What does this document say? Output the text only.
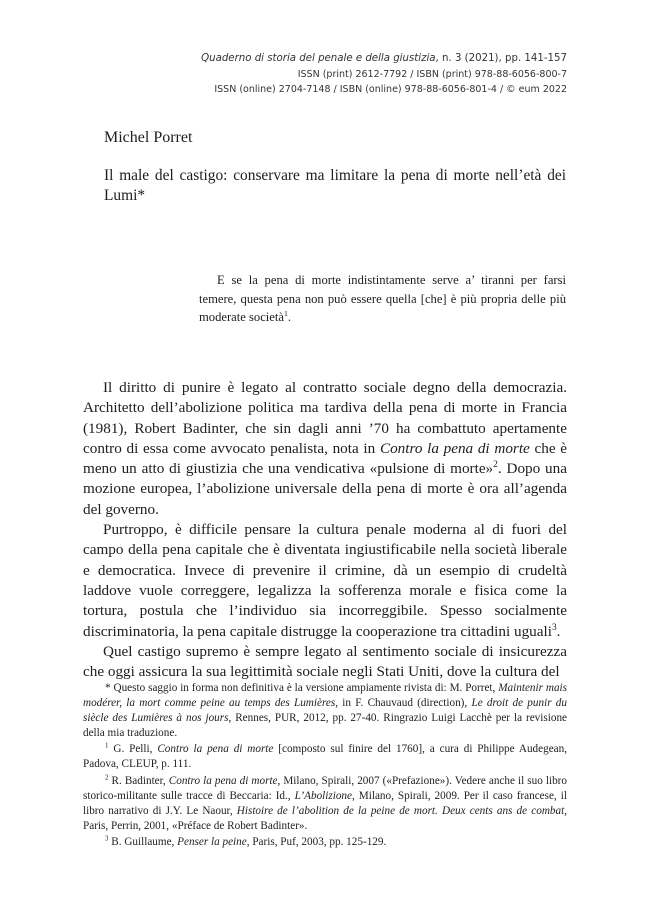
Quaderno di storia del penale e della giustizia, n. 3 (2021), pp. 141-157
ISSN (print) 2612-7792 / ISBN (print) 978-88-6056-800-7
ISSN (online) 2704-7148 / ISBN (online) 978-88-6056-801-4 / © eum 2022
Michel Porret
Il male del castigo: conservare ma limitare la pena di morte nell’età dei Lumi*

E se la pena di morte indistintamente serve a’ tiranni per farsi temere, questa pena non può essere quella [che] è più propria delle più moderate società$^1$.

Il diritto di punire è legato al contratto sociale degno della democrazia. Architetto dell’abolizione politica ma tardiva della pena di morte in Francia (1981), Robert Badinter, che sin dagli anni ’70 ha combattuto apertamente contro di essa come avvocato penalista, nota in Contro la pena di morte che è meno un atto di giustizia che una vendicativa «pulsione di morte»$^2$. Dopo una mozione europea, l’abolizione universale della pena di morte è ora all’agenda del governo.

Purtroppo, è difficile pensare la cultura penale moderna al di fuori del campo della pena capitale che è diventata ingiustificabile nella società liberale e democratica. Invece di prevenire il crimine, dà un esempio di crudeltà laddove vuole correggere, legalizza la sofferenza morale e fisica come la tortura, postula che l’individuo sia incorreggibile. Spesso socialmente discriminatoria, la pena capitale distrugge la cooperazione tra cittadini uguali$^3$.

Quel castigo supremo è sempre legato al sentimento sociale di insicurezza che oggi assicura la sua legittimità sociale negli Stati Uniti, dove la cultura del

* Questo saggio in forma non definitiva è la versione ampiamente rivista di: M. Porret, Maintenir mais modérer, la mort comme peine au temps des Lumières, in F. Chauvaud (direction), Le droit de punir du siècle des Lumières à nos jours, Rennes, PUR, 2012, pp. 27-40. Ringrazio Luigi Lacchè per la revisione della mia traduzione.

$^1$ G. Pelli, Contro la pena di morte [composto sul finire del 1760], a cura di Philippe Audegean, Padova, CLEUP, p. 111.

$^2$ R. Badinter, Contro la pena di morte, Milano, Spirali, 2007 («Prefazione»). Vedere anche il suo libro storico-militante sulle tracce di Beccaria: Id., L’Abolizione, Milano, Spirali, 2009. Per il caso francese, il libro narrativo di J.Y. Le Naour, Histoire de l’abolition de la peine de mort. Deux cents ans de combat, Paris, Perrin, 2001, «Préface de Robert Badinter».

$^3$ B. Guillaume, Penser la peine, Paris, Puf, 2003, pp. 125-129.
